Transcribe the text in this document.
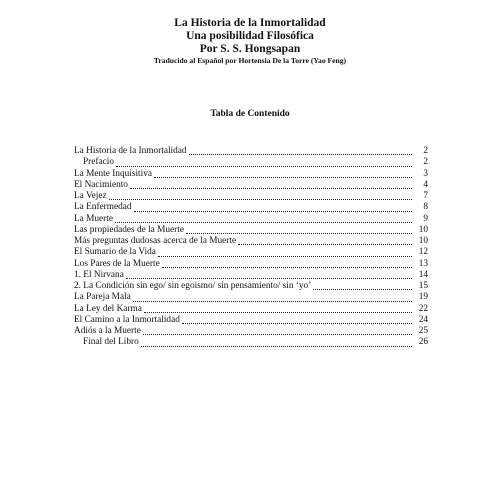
La Historia de la Inmortalidad
Una posibilidad Filosófica
Por S. S. Hongsapan
Traducido al Español por Hortensia De la Torre (Yao Feng)
Tabla de Contenido
La Historia de la Inmortalidad	2
Prefacio	2
La Mente Inquisitiva	3
El Nacimiento	4
La Vejez	7
La Enfermedad	8
La Muerte	9
Las propiedades de la Muerte	10
Más preguntas dudosas acerca de la Muerte	10
El Sumario de la Vida	12
Los Pares de la Muerte	13
1. El Nirvana	14
2. La Condición sin ego/ sin egoismo/ sin pensamiento/ sin ‘yo’	15
La Pareja Mala	19
La Ley del Karma	22
El Camino a la Inmortalidad	24
Adiós a la Muerte	25
Final del Libro	26
